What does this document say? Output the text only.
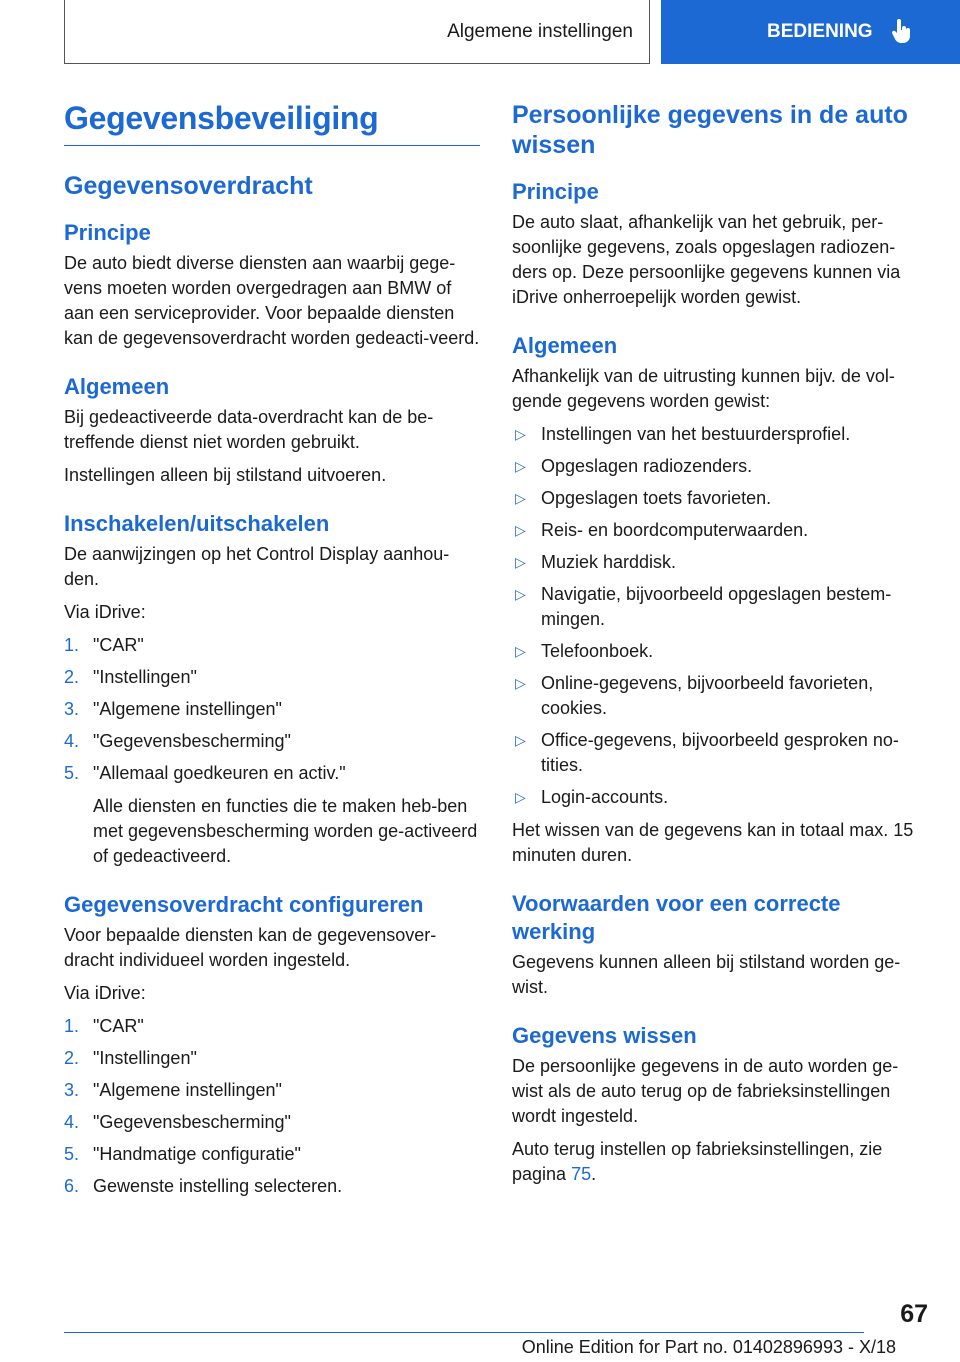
Algemene instellingen	BEDIENING
Gegevensbeveiliging
Gegevensoverdracht
Principe

De auto biedt diverse diensten aan waarbij gege-vens moeten worden overgedragen aan BMW of aan een serviceprovider. Voor bepaalde diensten kan de gegevensoverdracht worden gedeacti-veerd.

Algemeen

Bij gedeactiveerde data-overdracht kan de be-treffende dienst niet worden gebruikt.

Instellingen alleen bij stilstand uitvoeren.

Inschakelen/uitschakelen

De aanwijzingen op het Control Display aanhou-den.

Via iDrive:

1. "CAR"
2. "Instellingen"
3. "Algemene instellingen"
4. "Gegevensbescherming"
5. "Allemaal goedkeuren en activ."
Alle diensten en functies die te maken heb-ben met gegevensbescherming worden ge-activeerd of gedeactiveerd.
Gegevensoverdracht configureren

Voor bepaalde diensten kan de gegevensover-dracht individueel worden ingesteld.

Via iDrive:

1. "CAR"
2. "Instellingen"
3. "Algemene instellingen"
4. "Gegevensbescherming"
5. "Handmatige configuratie"
6. Gewenste instelling selecteren.
Persoonlijke gegevens in de auto wissen
Principe

De auto slaat, afhankelijk van het gebruik, per-soonlijke gegevens, zoals opgeslagen radiozen-ders op. Deze persoonlijke gegevens kunnen via iDrive onherroepelijk worden gewist.

Algemeen

Afhankelijk van de uitrusting kunnen bijv. de vol-gende gegevens worden gewist:

▷ Instellingen van het bestuurdersprofiel.
▷ Opgeslagen radiozenders.
▷ Opgeslagen toets favorieten.
▷ Reis- en boordcomputerwaarden.
▷ Muziek harddisk.
▷ Navigatie, bijvoorbeeld opgeslagen bestem-mingen.
▷ Telefoonboek.
▷ Online-gegevens, bijvoorbeeld favorieten, cookies.
▷ Office-gegevens, bijvoorbeeld gesproken no-tities.
▷ Login-accounts.

Het wissen van de gegevens kan in totaal max. 15 minuten duren.

Voorwaarden voor een correcte werking

Gegevens kunnen alleen bij stilstand worden ge-wist.

Gegevens wissen

De persoonlijke gegevens in de auto worden ge-wist als de auto terug op de fabrieksinstellingen wordt ingesteld.

Auto terug instellen op fabrieksinstellingen, zie pagina 75.

67
Online Edition for Part no. 01402896993 - X/18
